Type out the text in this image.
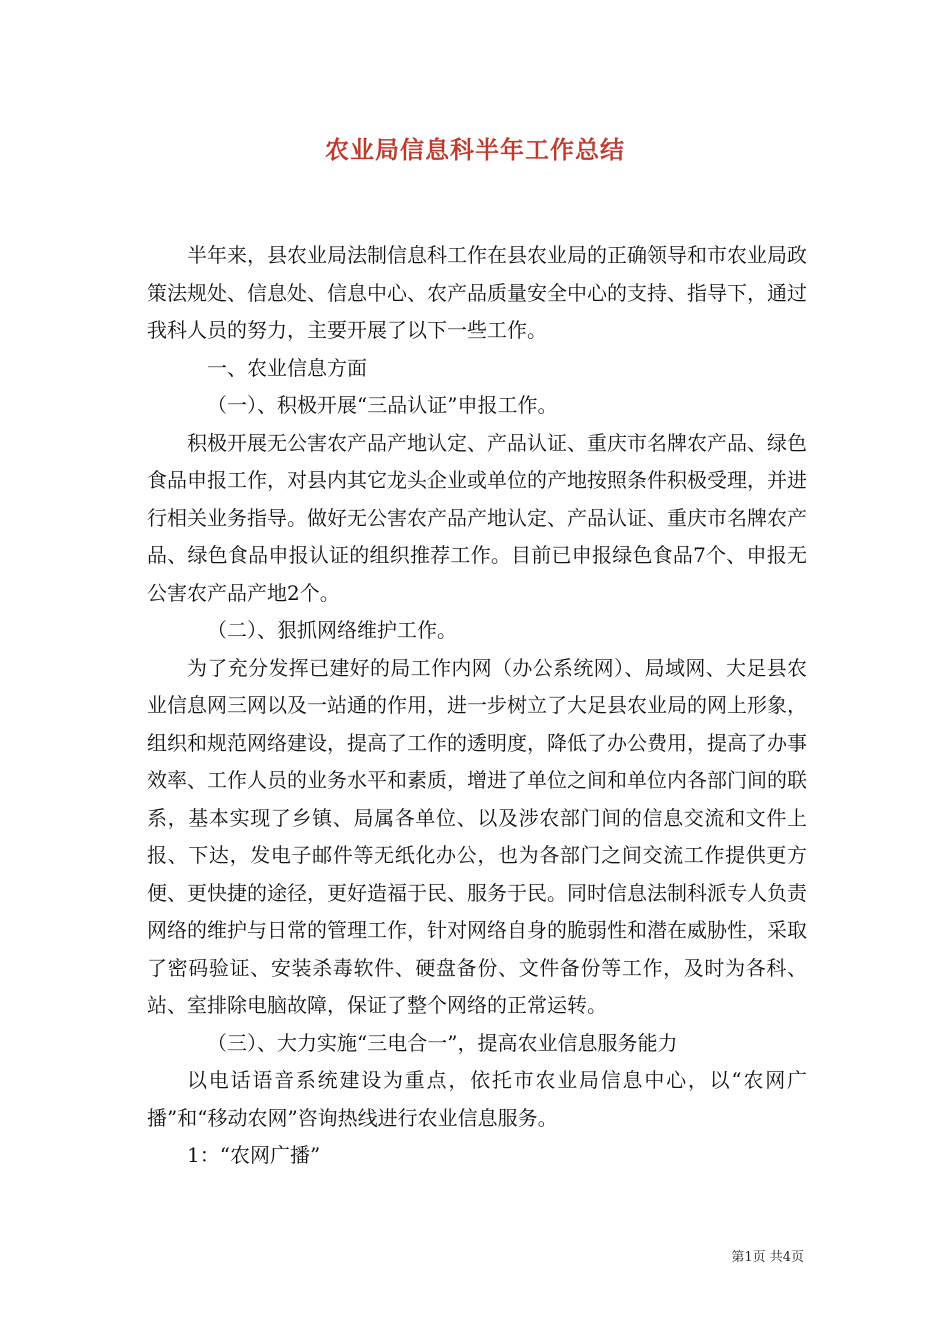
农业局信息科半年工作总结

半年来，县农业局法制信息科工作在县农业局的正确领导和市农业局政策法规处、信息处、信息中心、农产品质量安全中心的支持、指导下，通过我科人员的努力，主要开展了以下一些工作。

一、农业信息方面

（一）、积极开展“三品认证”申报工作。

积极开展无公害农产品产地认定、产品认证、重庆市名牌农产品、绿色食品申报工作，对县内其它龙头企业或单位的产地按照条件积极受理，并进行相关业务指导。做好无公害农产品产地认定、产品认证、重庆市名牌农产品、绿色食品申报认证的组织推荐工作。目前已申报绿色食品7个、申报无公害农产品产地2个。

（二）、狠抓网络维护工作。

为了充分发挥已建好的局工作内网（办公系统网）、局域网、大足县农业信息网三网以及一站通的作用，进一步树立了大足县农业局的网上形象，组织和规范网络建设，提高了工作的透明度，降低了办公费用，提高了办事效率、工作人员的业务水平和素质，增进了单位之间和单位内各部门间的联系，基本实现了乡镇、局属各单位、以及涉农部门间的信息交流和文件上报、下达，发电子邮件等无纸化办公，也为各部门之间交流工作提供更方便、更快捷的途径，更好造福于民、服务于民。同时信息法制科派专人负责网络的维护与日常的管理工作，针对网络自身的脆弱性和潜在威胁性，采取了密码验证、安装杀毒软件、硬盘备份、文件备份等工作，及时为各科、站、室排除电脑故障，保证了整个网络的正常运转。

（三）、大力实施“三电合一”，提高农业信息服务能力

以电话语音系统建设为重点，依托市农业局信息中心，以“农网广播”和“移动农网”咨询热线进行农业信息服务。

1：“农网广播”

第1页 共4页
